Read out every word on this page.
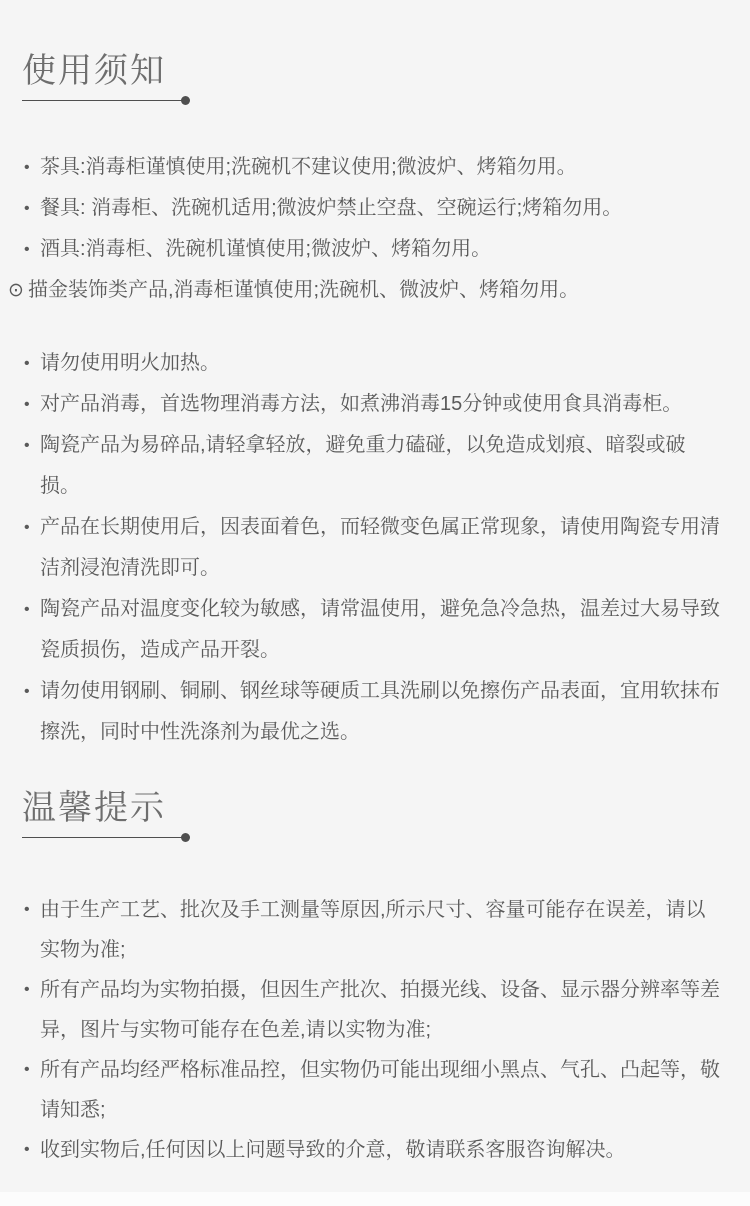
使用须知
• 茶具:消毒柜谨慎使用;洗碗机不建议使用;微波炉、烤箱勿用。
• 餐具: 消毒柜、洗碗机适用;微波炉禁止空盘、空碗运行;烤箱勿用。
• 酒具:消毒柜、洗碗机谨慎使用;微波炉、烤箱勿用。
⊙ 描金装饰类产品,消毒柜谨慎使用;洗碗机、微波炉、烤箱勿用。
• 请勿使用明火加热。
• 对产品消毒，首选物理消毒方法，如煮沸消毒15分钟或使用食具消毒柜。
• 陶瓷产品为易碎品,请轻拿轻放，避免重力磕碰，以免造成划痕、暗裂或破损。
• 产品在长期使用后，因表面着色，而轻微变色属正常现象，请使用陶瓷专用清洁剂浸泡清洗即可。
• 陶瓷产品对温度变化较为敏感，请常温使用，避免急冷急热，温差过大易导致瓷质损伤，造成产品开裂。
• 请勿使用钢刷、铜刷、钢丝球等硬质工具洗刷以免擦伤产品表面，宜用软抹布擦洗，同时中性洗涤剂为最优之选。
温馨提示
• 由于生产工艺、批次及手工测量等原因,所示尺寸、容量可能存在误差，请以实物为准;
• 所有产品均为实物拍摄，但因生产批次、拍摄光线、设备、显示器分辨率等差异，图片与实物可能存在色差,请以实物为准;
• 所有产品均经严格标准品控，但实物仍可能出现细小黑点、气孔、凸起等，敬请知悉;
• 收到实物后,任何因以上问题导致的介意，敬请联系客服咨询解决。
